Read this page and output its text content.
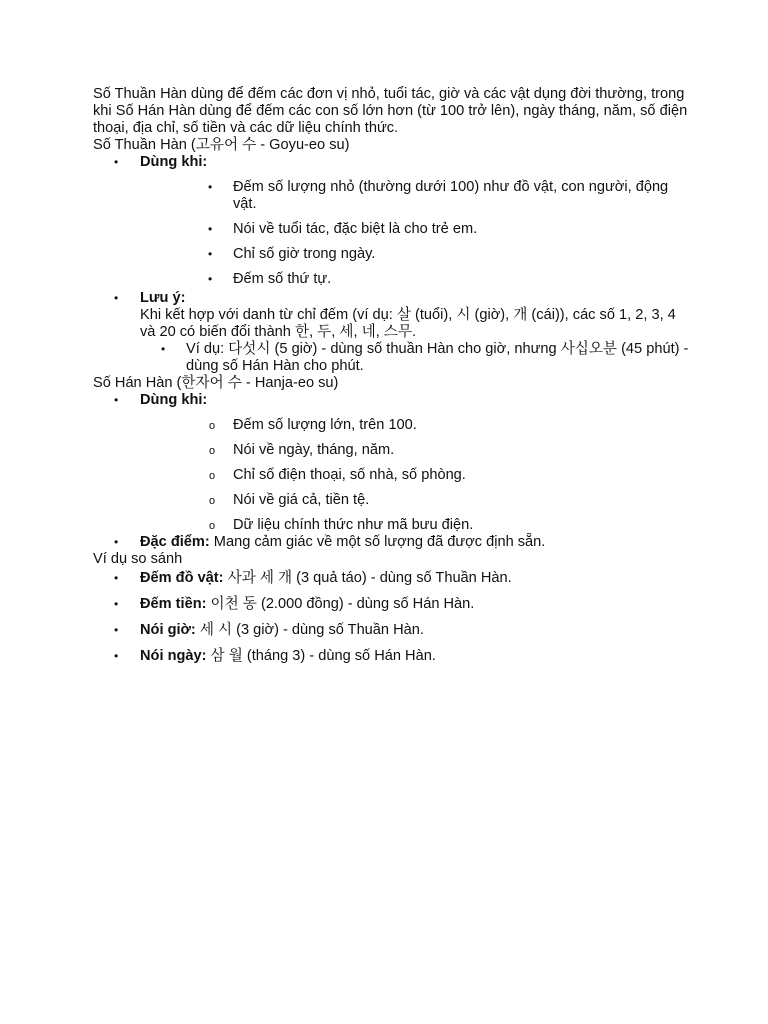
Số Thuần Hàn dùng để đếm các đơn vị nhỏ, tuổi tác, giờ và các vật dụng đời thường, trong khi Số Hán Hàn dùng để đếm các con số lớn hơn (từ 100 trở lên), ngày tháng, năm, số điện thoại, địa chỉ, số tiền và các dữ liệu chính thức.

Số Thuần Hàn (고유어 수 - Goyu-eo su)

• Dùng khi:
• Đếm số lượng nhỏ (thường dưới 100) như đồ vật, con người, động vật.
• Nói về tuổi tác, đặc biệt là cho trẻ em.
• Chỉ số giờ trong ngày.
• Đếm số thứ tự.
• Lưu ý:

Khi kết hợp với danh từ chỉ đếm (ví dụ: 살 (tuổi), 시 (giờ), 개 (cái)), các số 1, 2, 3, 4 và 20 có biến đổi thành 한, 두, 세, 네, 스무.

• Ví dụ: 다섯시 (5 giờ) - dùng số thuần Hàn cho giờ, nhưng 사십오분 (45 phút) - dùng số Hán Hàn cho phút.

Số Hán Hàn (한자어 수 - Hanja-eo su)

• Dùng khi:
o Đếm số lượng lớn, trên 100.
o Nói về ngày, tháng, năm.
o Chỉ số điện thoại, số nhà, số phòng.
o Nói về giá cả, tiền tệ.
o Dữ liệu chính thức như mã bưu điện.
• Đặc điểm: Mang cảm giác về một số lượng đã được định sẵn.

Ví dụ so sánh

• Đếm đồ vật: 사과 세 개 (3 quả táo) - dùng số Thuần Hàn.
• Đếm tiền: 이천 동 (2.000 đồng) - dùng số Hán Hàn.
• Nói giờ: 세 시 (3 giờ) - dùng số Thuần Hàn.
• Nói ngày: 삼 월 (tháng 3) - dùng số Hán Hàn.
